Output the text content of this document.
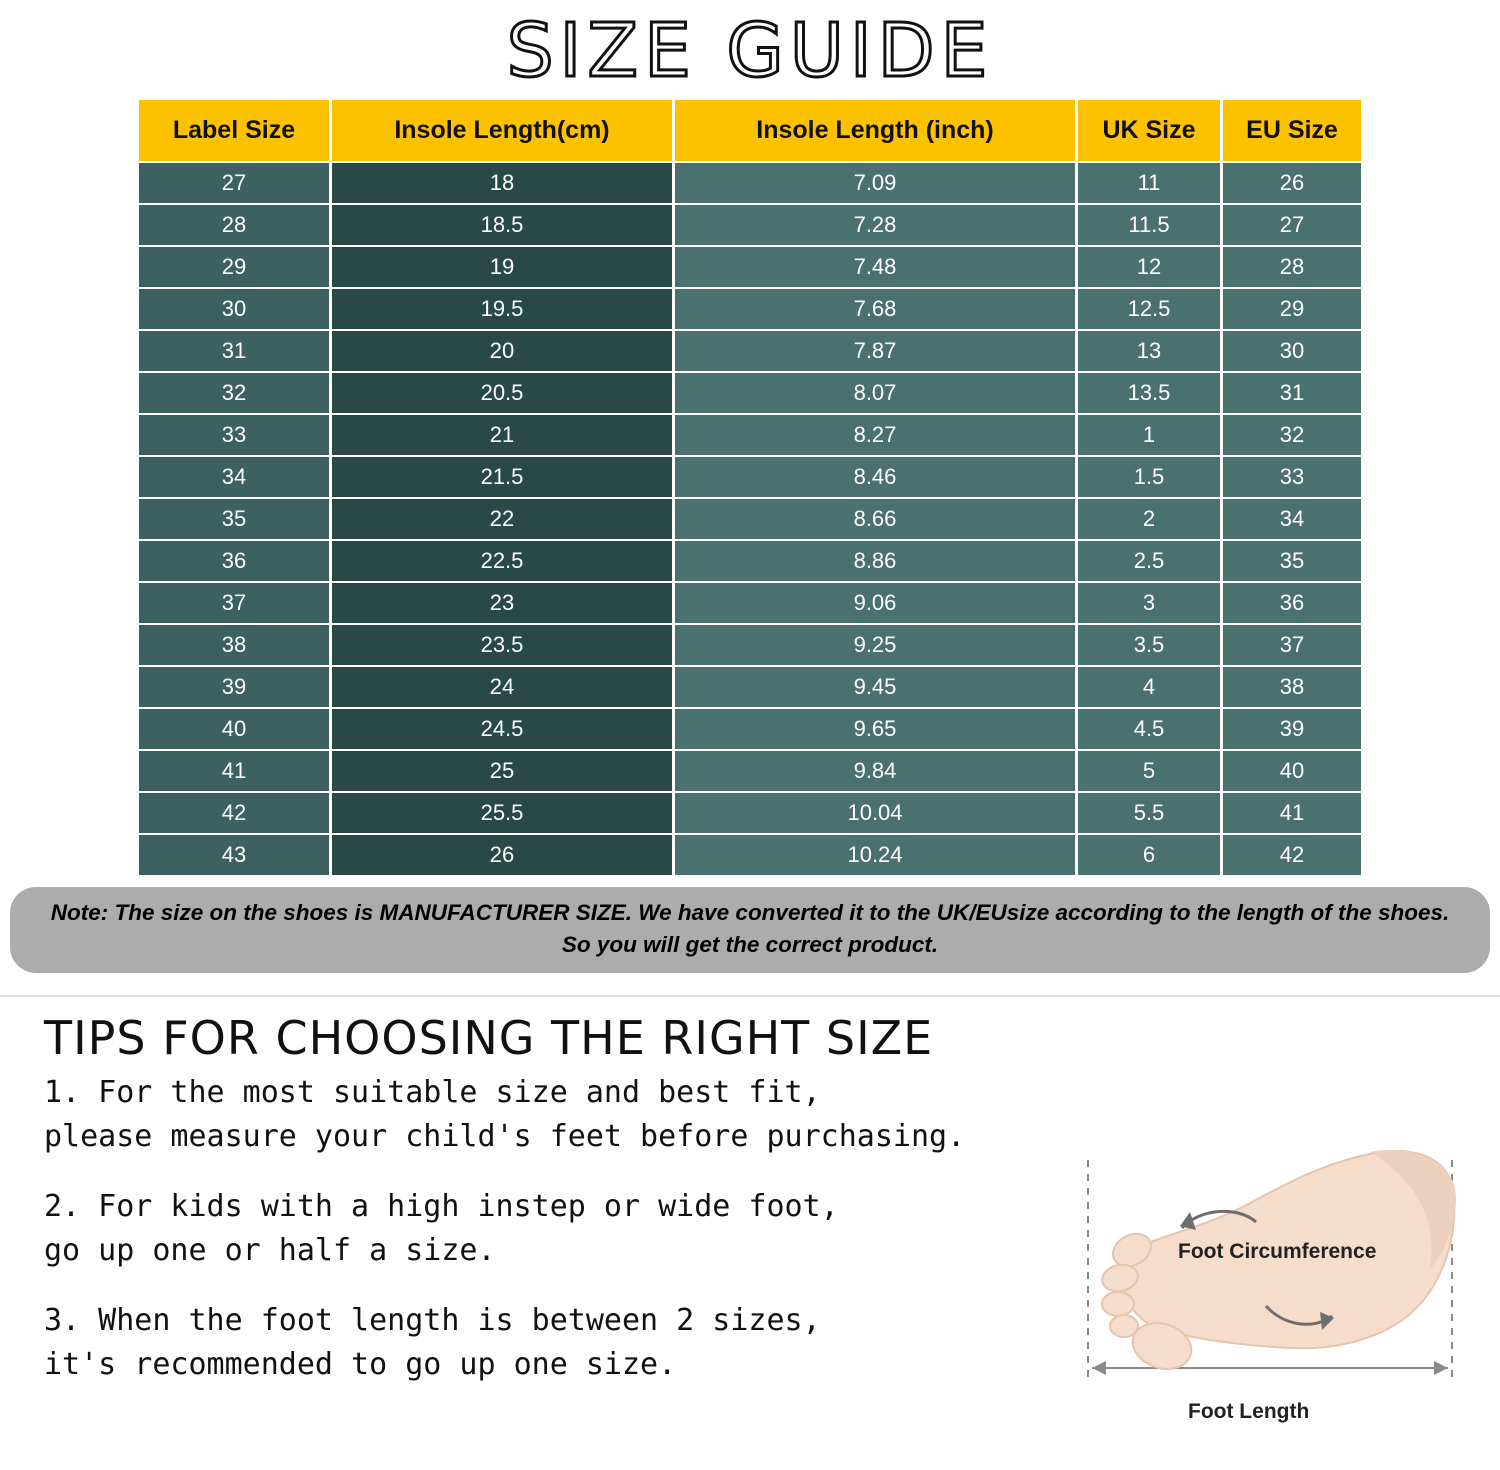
SIZE GUIDE
Label Size	Insole Length(cm)	Insole Length (inch)	UK Size	EU Size
27	18	7.09	11	26
28	18.5	7.28	11.5	27
29	19	7.48	12	28
30	19.5	7.68	12.5	29
31	20	7.87	13	30
32	20.5	8.07	13.5	31
33	21	8.27	1	32
34	21.5	8.46	1.5	33
35	22	8.66	2	34
36	22.5	8.86	2.5	35
37	23	9.06	3	36
38	23.5	9.25	3.5	37
39	24	9.45	4	38
40	24.5	9.65	4.5	39
41	25	9.84	5	40
42	25.5	10.04	5.5	41
43	26	10.24	6	42
Note: The size on the shoes is MANUFACTURER SIZE. We have converted it to the UK/EUsize according to the length of the shoes. So you will get the correct product.
TIPS FOR CHOOSING THE RIGHT SIZE

1. For the most suitable size and best fit,
please measure your child's feet before purchasing.

2. For kids with a high instep or wide foot,
go up one or half a size.

3. When the foot length is between 2 sizes,
it's recommended to go up one size.

Foot Circumference
Foot Length
